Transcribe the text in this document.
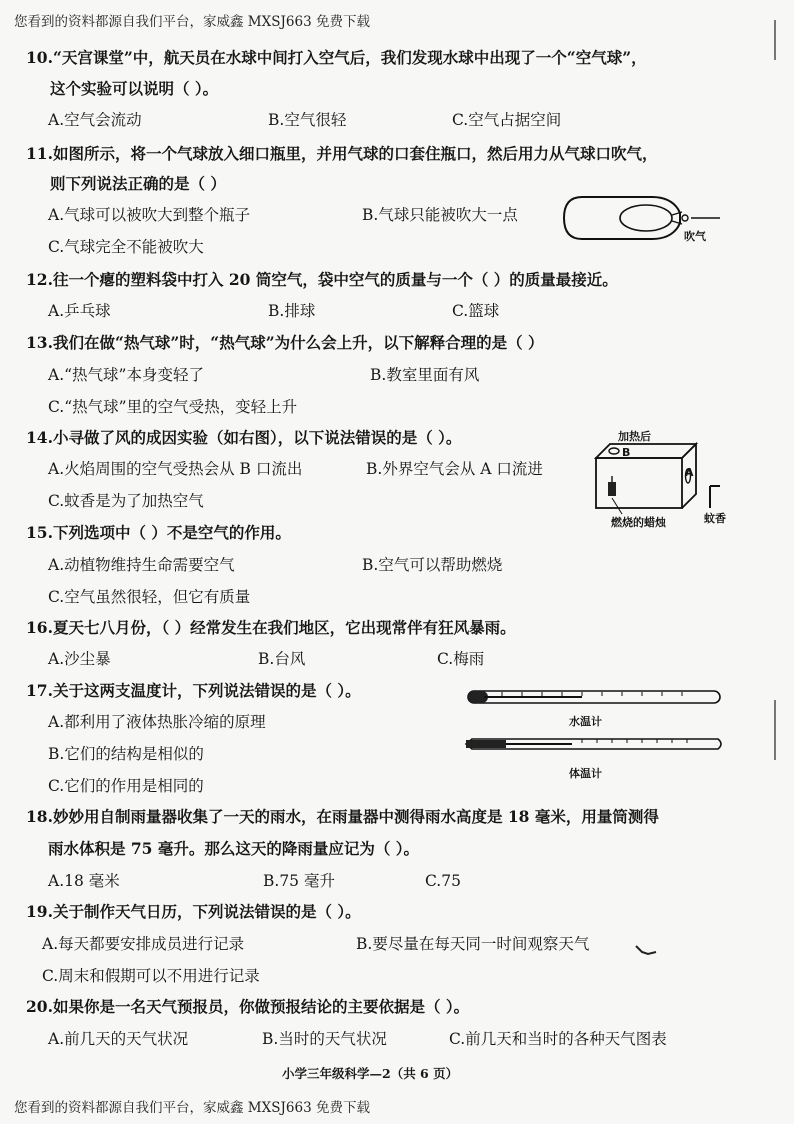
您看到的资料都源自我们平台，家威鑫 MXSJ663 免费下载
10.“天宫课堂”中，航天员在水球中间打入空气后，我们发现水球中出现了一个“空气球”，
这个实验可以说明（ ）。
A.空气会流动	B.空气很轻	C.空气占据空间
11.如图所示，将一个气球放入细口瓶里，并用气球的口套住瓶口，然后用力从气球口吹气，
则下列说法正确的是（ ）
A.气球可以被吹大到整个瓶子	B.气球只能被吹大一点
C.气球完全不能被吹大
吹气
12.往一个瘪的塑料袋中打入 20 筒空气，袋中空气的质量与一个（ ）的质量最接近。
A.乒乓球	B.排球	C.篮球
13.我们在做“热气球”时，“热气球”为什么会上升，以下解释合理的是（ ）
A.“热气球”本身变轻了	B.教室里面有风
C.“热气球”里的空气受热，变轻上升
14.小寻做了风的成因实验（如右图），以下说法错误的是（ ）。
A.火焰周围的空气受热会从 B 口流出	B.外界空气会从 A 口流进
C.蚊香是为了加热空气
加热后
B
A
燃烧的蜡烛	蚊香
15.下列选项中（ ）不是空气的作用。
A.动植物维持生命需要空气	B.空气可以帮助燃烧
C.空气虽然很轻，但它有质量
16.夏天七八月份，（ ）经常发生在我们地区，它出现常伴有狂风暴雨。
A.沙尘暴	B.台风	C.梅雨
17.关于这两支温度计，下列说法错误的是（ ）。
A.都利用了液体热胀冷缩的原理
B.它们的结构是相似的
C.它们的作用是相同的
水温计
体温计
18.妙妙用自制雨量器收集了一天的雨水，在雨量器中测得雨水高度是 18 毫米，用量筒测得
雨水体积是 75 毫升。那么这天的降雨量应记为（ ）。
A.18 毫米	B.75 毫升	C.75
19.关于制作天气日历，下列说法错误的是（ ）。
A.每天都要安排成员进行记录	B.要尽量在每天同一时间观察天气
C.周末和假期可以不用进行记录
20.如果你是一名天气预报员，你做预报结论的主要依据是（ ）。
A.前几天的天气状况	B.当时的天气状况	C.前几天和当时的各种天气图表
小学三年级科学—2（共 6 页）
您看到的资料都源自我们平台，家威鑫 MXSJ663 免费下载
